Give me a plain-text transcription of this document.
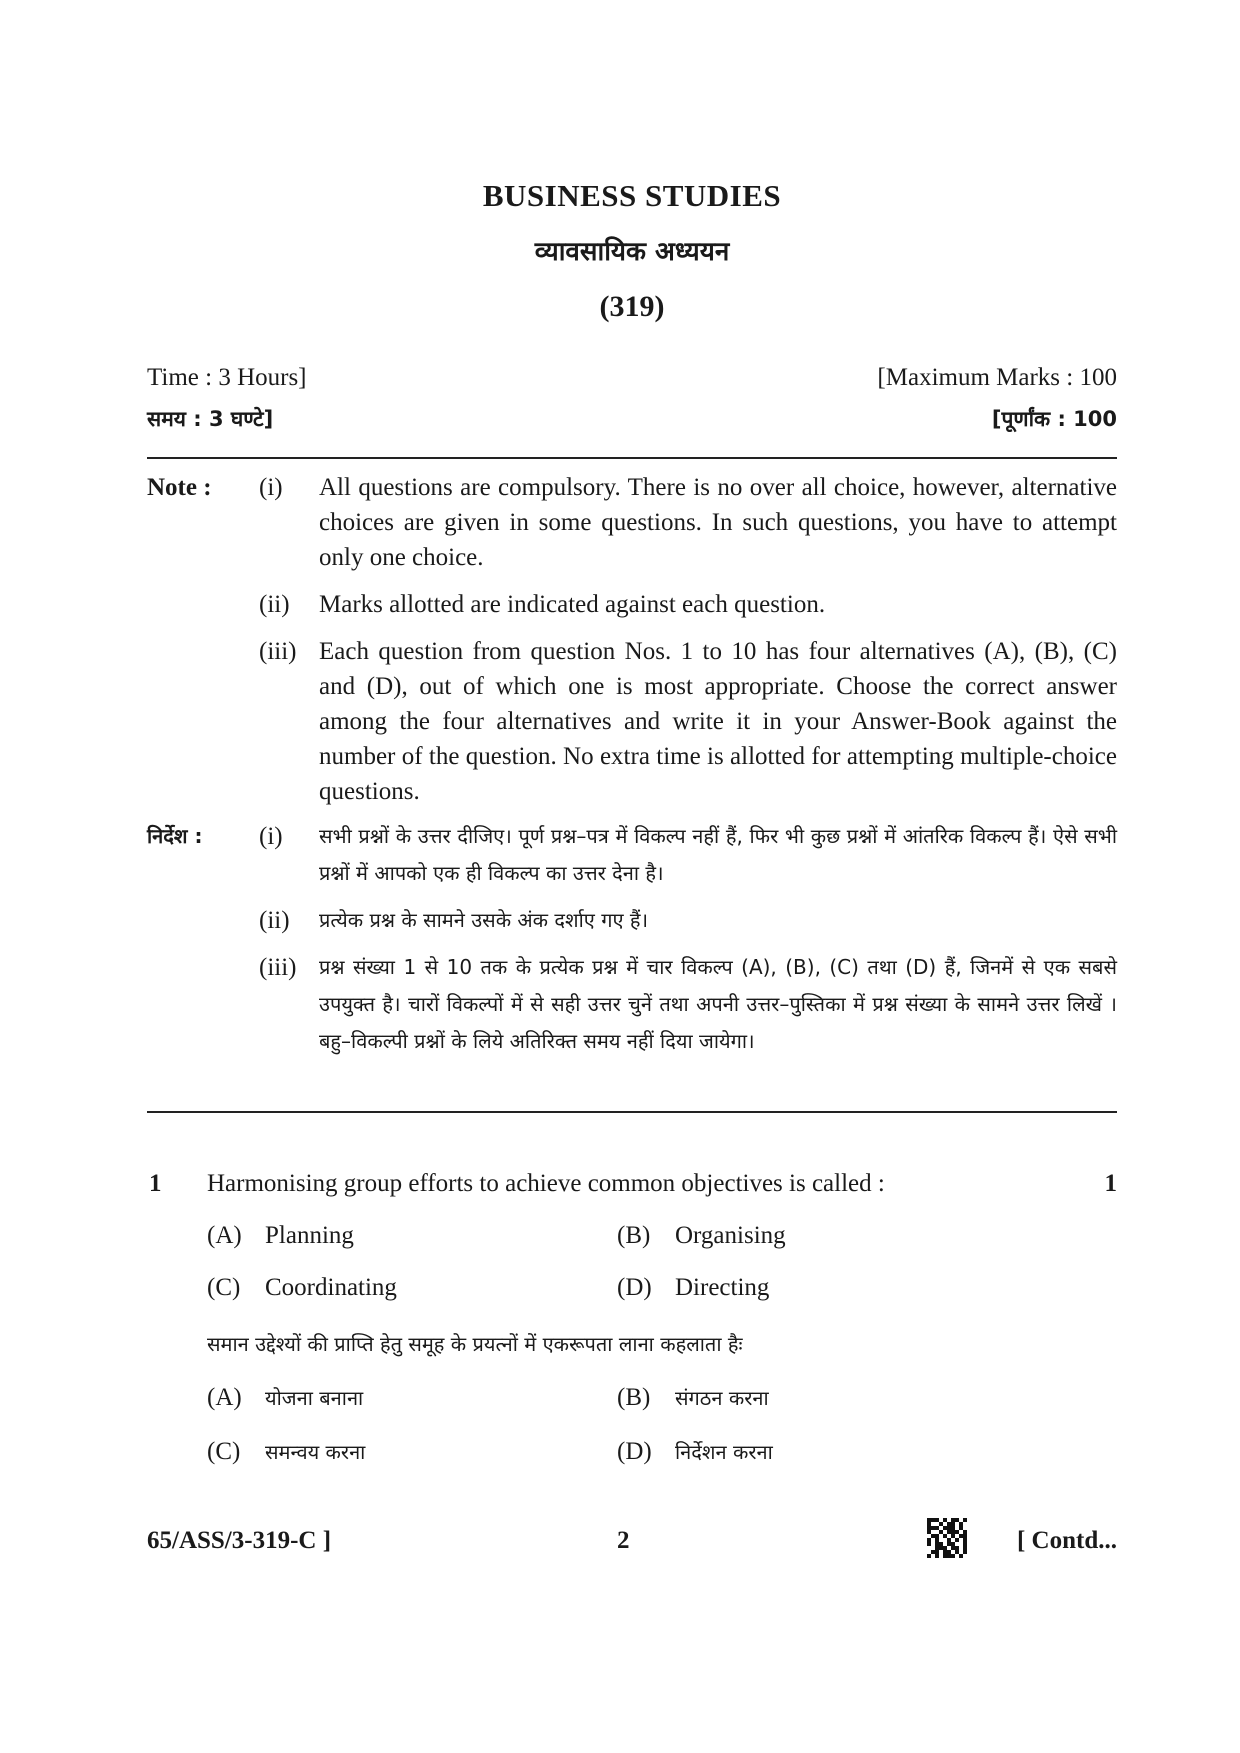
BUSINESS STUDIES
व्यावसायिक अध्ययन
(319)
Time : 3 Hours]	[Maximum Marks : 100
समय : 3 घण्टे]	[पूर्णांक : 100
Note : (i) All questions are compulsory. There is no over all choice, however, alternative choices are given in some questions. In such questions, you have to attempt only one choice.
(ii) Marks allotted are indicated against each question.
(iii) Each question from question Nos. 1 to 10 has four alternatives (A), (B), (C) and (D), out of which one is most appropriate. Choose the correct answer among the four alternatives and write it in your Answer-Book against the number of the question. No extra time is allotted for attempting multiple-choice questions.
निर्देश : (i) सभी प्रश्नों के उत्तर दीजिए। पूर्ण प्रश्न–पत्र में विकल्प नहीं हैं, फिर भी कुछ प्रश्नों में आंतरिक विकल्प हैं। ऐसे सभी प्रश्नों में आपको एक ही विकल्प का उत्तर देना है।
(ii) प्रत्येक प्रश्न के सामने उसके अंक दर्शाए गए हैं।
(iii) प्रश्न संख्या 1 से 10 तक के प्रत्येक प्रश्न में चार विकल्प (A), (B), (C) तथा (D) हैं, जिनमें से एक सबसे उपयुक्त है। चारों विकल्पों में से सही उत्तर चुनें तथा अपनी उत्तर–पुस्तिका में प्रश्न संख्या के सामने उत्तर लिखें । बहु–विकल्पी प्रश्नों के लिये अतिरिक्त समय नहीं दिया जायेगा।
1 Harmonising group efforts to achieve common objectives is called :	1
(A) Planning	(B) Organising
(C) Coordinating	(D) Directing
समान उद्देश्यों की प्राप्ति हेतु समूह के प्रयत्नों में एकरूपता लाना कहलाता हैः
(A) योजना बनाना	(B) संगठन करना
(C) समन्वय करना	(D) निर्देशन करना
65/ASS/3-319-C ]	2	[ Contd...
